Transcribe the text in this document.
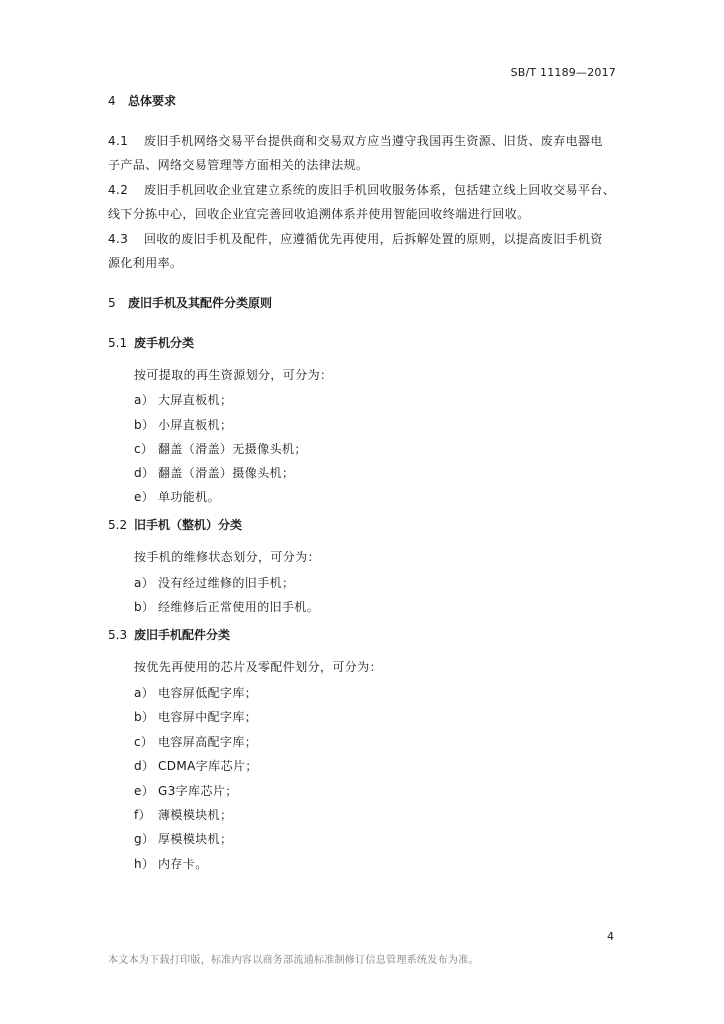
SB/T 11189—2017
4 总体要求
4.1 废旧手机网络交易平台提供商和交易双方应当遵守我国再生资源、旧货、废弃电器电
子产品、网络交易管理等方面相关的法律法规。
4.2 废旧手机回收企业宜建立系统的废旧手机回收服务体系，包括建立线上回收交易平台、
线下分拣中心，回收企业宜完善回收追溯体系并使用智能回收终端进行回收。
4.3 回收的废旧手机及配件，应遵循优先再使用，后拆解处置的原则，以提高废旧手机资
源化利用率。
5 废旧手机及其配件分类原则
5.1 废手机分类
按可提取的再生资源划分，可分为：
a） 大屏直板机；
b） 小屏直板机；
c） 翻盖（滑盖）无摄像头机；
d） 翻盖（滑盖）摄像头机；
e） 单功能机。
5.2 旧手机（整机）分类
按手机的维修状态划分，可分为：
a） 没有经过维修的旧手机；
b） 经维修后正常使用的旧手机。
5.3 废旧手机配件分类
按优先再使用的芯片及零配件划分，可分为：
a） 电容屏低配字库；
b） 电容屏中配字库；
c） 电容屏高配字库；
d） CDMA字库芯片；
e） G3字库芯片；
f） 薄模模块机；
g） 厚模模块机；
h） 内存卡。
4
本文本为下载打印版，标准内容以商务部流通标准制修订信息管理系统发布为准。
